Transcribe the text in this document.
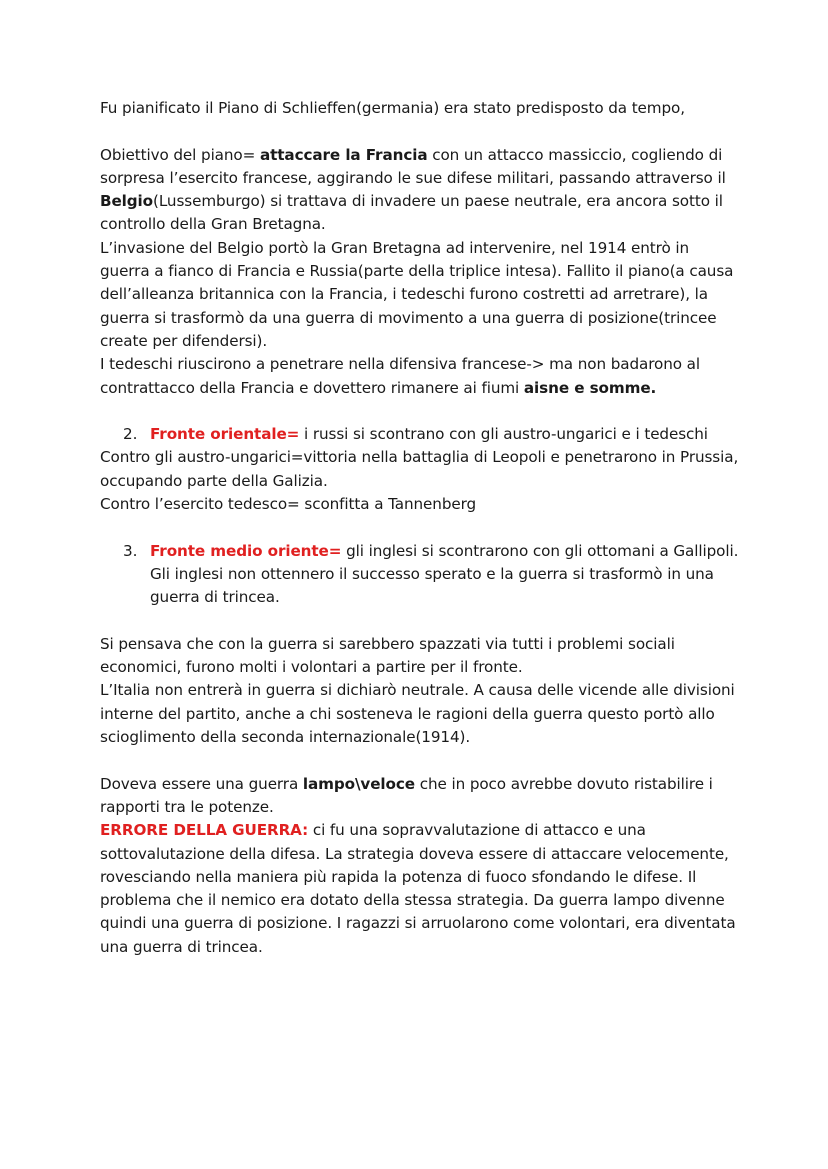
Fu pianificato il Piano di Schlieffen(germania) era stato predisposto da tempo,

Obiettivo del piano= attaccare la Francia con un attacco massiccio, cogliendo di sorpresa l’esercito francese, aggirando le sue difese militari, passando attraverso il Belgio(Lussemburgo) si trattava di invadere un paese neutrale, era ancora sotto il controllo della Gran Bretagna.

L’invasione del Belgio portò la Gran Bretagna ad intervenire, nel 1914 entrò in guerra a fianco di Francia e Russia(parte della triplice intesa). Fallito il piano(a causa dell’alleanza britannica con la Francia, i tedeschi furono costretti ad arretrare), la guerra si trasformò da una guerra di movimento a una guerra di posizione(trincee create per difendersi).

I tedeschi riuscirono a penetrare nella difensiva francese-> ma non badarono al contrattacco della Francia e dovettero rimanere ai fiumi aisne e somme.

2. Fronte orientale= i russi si scontrano con gli austro-ungarici e i tedeschi

Contro gli austro-ungarici=vittoria nella battaglia di Leopoli e penetrarono in Prussia, occupando parte della Galizia.

Contro l’esercito tedesco= sconfitta a Tannenberg

3. Fronte medio oriente= gli inglesi si scontrarono con gli ottomani a Gallipoli. Gli inglesi non ottennero il successo sperato e la guerra si trasformò in una guerra di trincea.

Si pensava che con la guerra si sarebbero spazzati via tutti i problemi sociali economici, furono molti i volontari a partire per il fronte.

L’Italia non entrerà in guerra si dichiarò neutrale. A causa delle vicende alle divisioni interne del partito, anche a chi sosteneva le ragioni della guerra questo portò allo scioglimento della seconda internazionale(1914).

Doveva essere una guerra lampo\veloce che in poco avrebbe dovuto ristabilire i rapporti tra le potenze.

ERRORE DELLA GUERRA: ci fu una sopravvalutazione di attacco e una sottovalutazione della difesa. La strategia doveva essere di attaccare velocemente, rovesciando nella maniera più rapida la potenza di fuoco sfondando le difese. Il problema che il nemico era dotato della stessa strategia. Da guerra lampo divenne quindi una guerra di posizione. I ragazzi si arruolarono come volontari, era diventata una guerra di trincea.
